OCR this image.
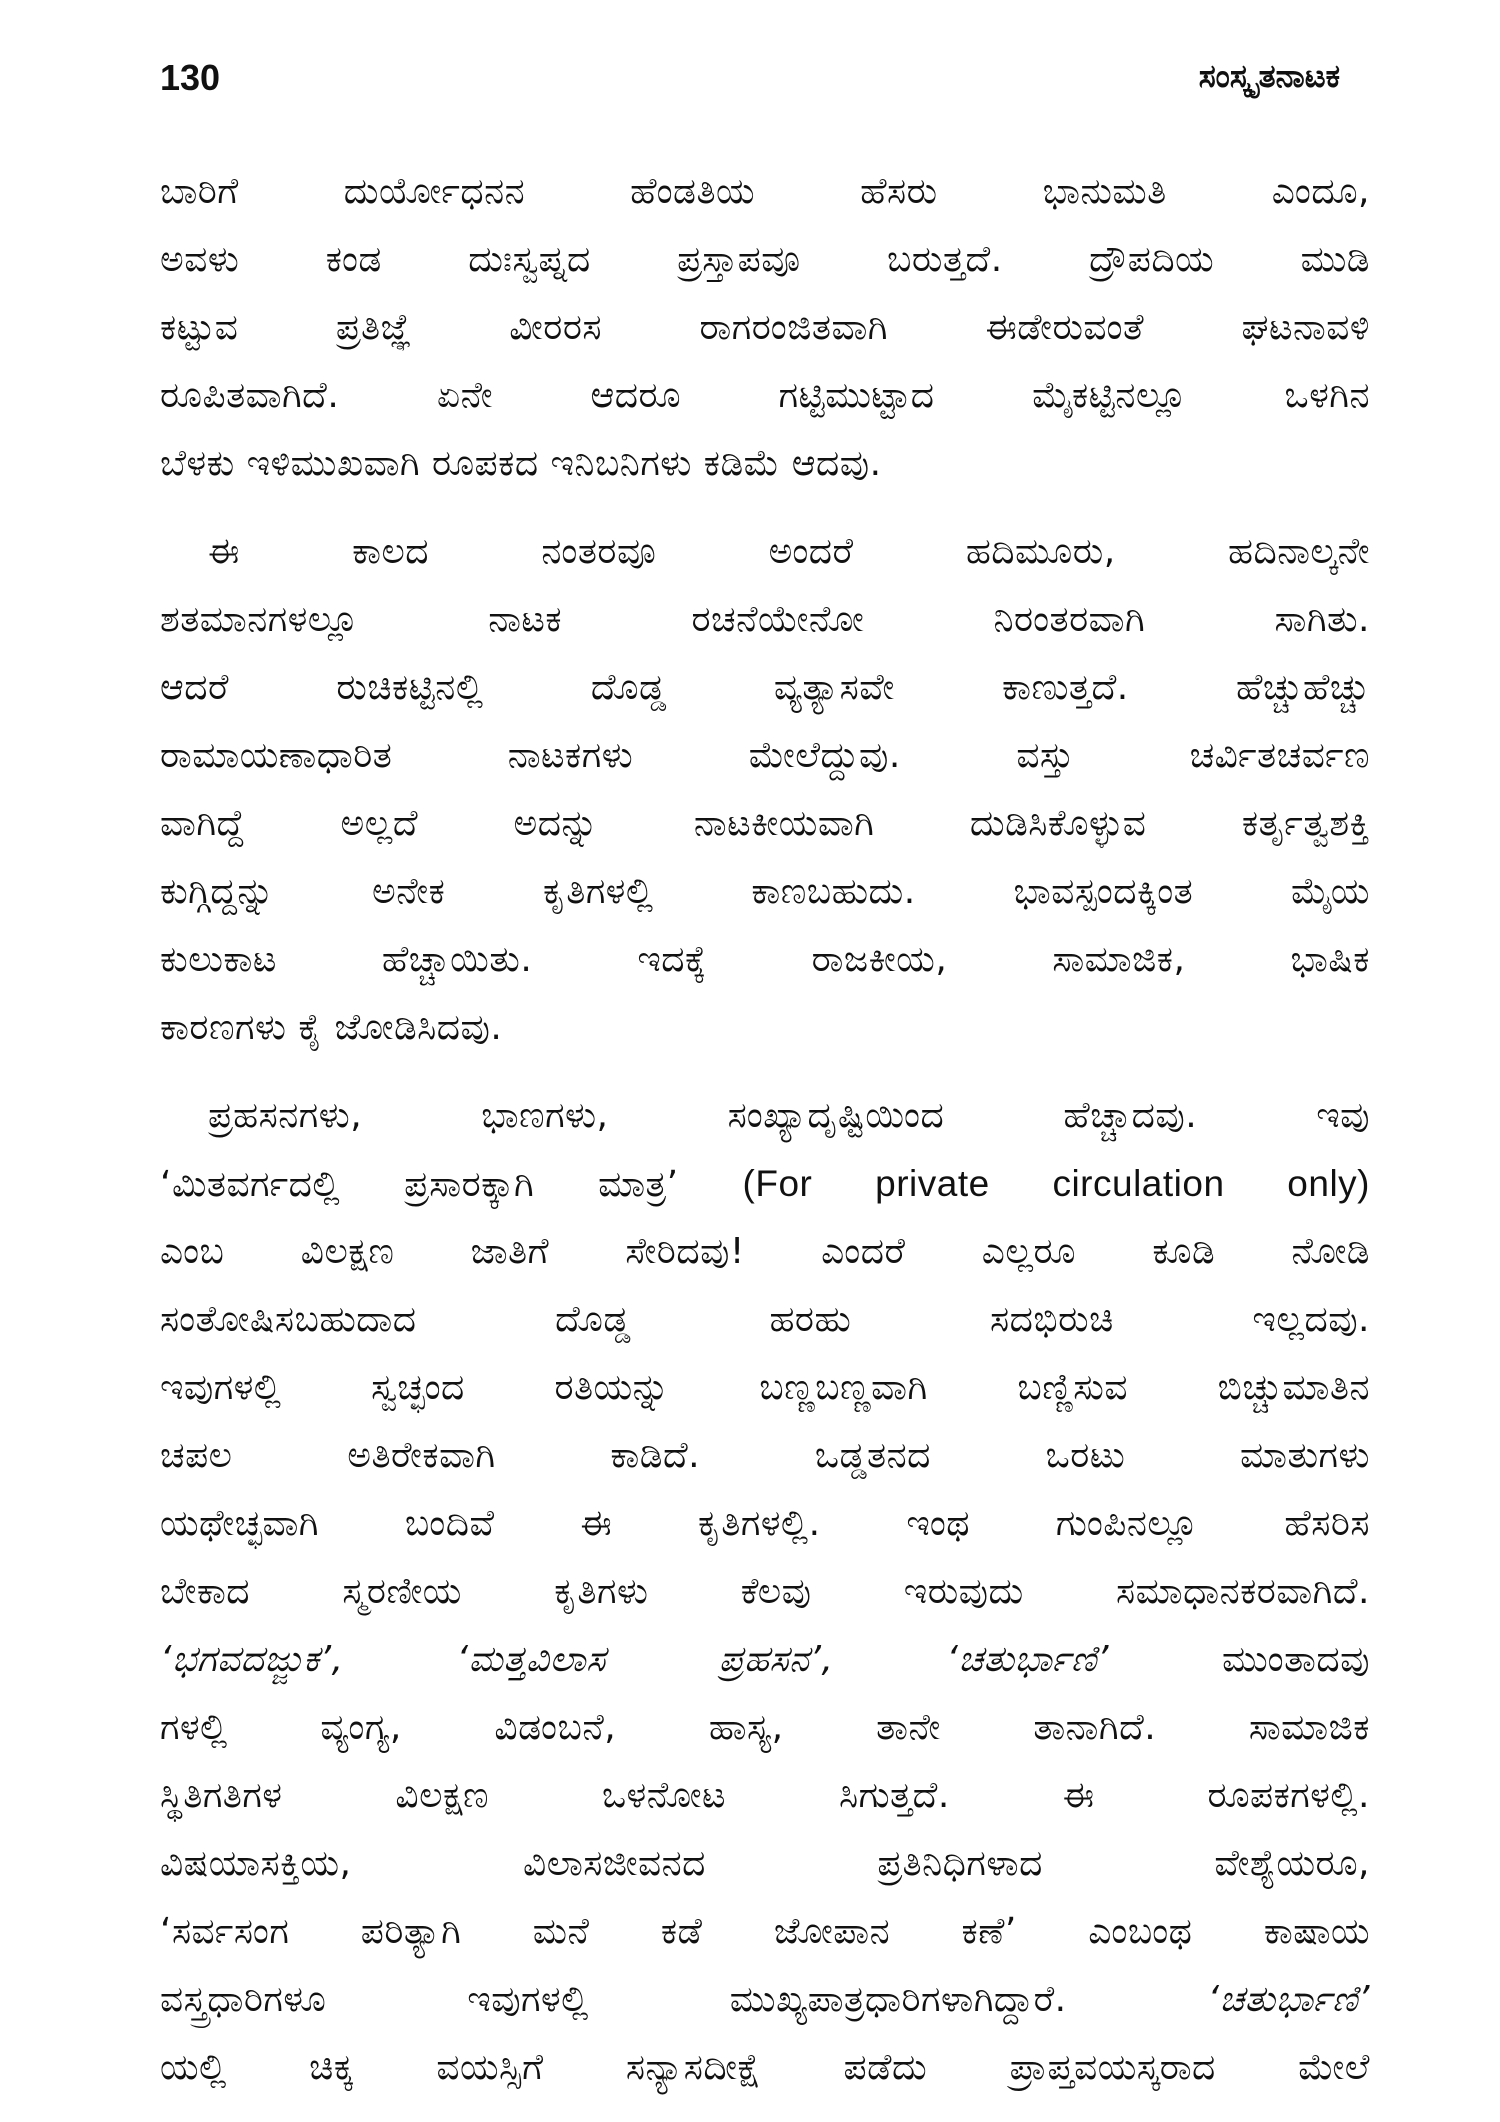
130	ಸಂಸ್ಕೃತನಾಟಕ
ಬಾರಿಗೆ ದುರ್ಯೋಧನನ ಹೆಂಡತಿಯ ಹೆಸರು ಭಾನುಮತಿ ಎಂದೂ,
ಅವಳು ಕಂಡ ದುಃಸ್ವಪ್ನದ ಪ್ರಸ್ತಾಪವೂ ಬರುತ್ತದೆ. ದ್ರೌಪದಿಯ ಮುಡಿ
ಕಟ್ಟುವ ಪ್ರತಿಜ್ಞೆ ವೀರರಸ ರಾಗರಂಜಿತವಾಗಿ ಈಡೇರುವಂತೆ ಘಟನಾವಳಿ
ರೂಪಿತವಾಗಿದೆ. ಏನೇ ಆದರೂ ಗಟ್ಟಿಮುಟ್ಟಾದ ಮೈಕಟ್ಟಿನಲ್ಲೂ ಒಳಗಿನ
ಬೆಳಕು ಇಳಿಮುಖವಾಗಿ ರೂಪಕದ ಇನಿಬನಿಗಳು ಕಡಿಮೆ ಆದವು.
ಈ ಕಾಲದ ನಂತರವೂ ಅಂದರೆ ಹದಿಮೂರು, ಹದಿನಾಲ್ಕನೇ
ಶತಮಾನಗಳಲ್ಲೂ ನಾಟಕ ರಚನೆಯೇನೋ ನಿರಂತರವಾಗಿ ಸಾಗಿತು.
ಆದರೆ ರುಚಿಕಟ್ಟಿನಲ್ಲಿ ದೊಡ್ಡ ವ್ಯತ್ಯಾಸವೇ ಕಾಣುತ್ತದೆ. ಹೆಚ್ಚುಹೆಚ್ಚು
ರಾಮಾಯಣಾಧಾರಿತ ನಾಟಕಗಳು ಮೇಲೆದ್ದುವು. ವಸ್ತು ಚರ್ವಿತಚರ್ವಣ
ವಾಗಿದ್ದೆ ಅಲ್ಲದೆ ಅದನ್ನು ನಾಟಕೀಯವಾಗಿ ದುಡಿಸಿಕೊಳ್ಳುವ ಕರ್ತೃತ್ವಶಕ್ತಿ
ಕುಗ್ಗಿದ್ದನ್ನು ಅನೇಕ ಕೃತಿಗಳಲ್ಲಿ ಕಾಣಬಹುದು. ಭಾವಸ್ಪಂದಕ್ಕಿಂತ ಮೈಯ
ಕುಲುಕಾಟ ಹೆಚ್ಚಾಯಿತು. ಇದಕ್ಕೆ ರಾಜಕೀಯ, ಸಾಮಾಜಿಕ, ಭಾಷಿಕ
ಕಾರಣಗಳು ಕೈ ಜೋಡಿಸಿದವು.
ಪ್ರಹಸನಗಳು, ಭಾಣಗಳು, ಸಂಖ್ಯಾದೃಷ್ಟಿಯಿಂದ ಹೆಚ್ಚಾದವು. ಇವು
‘ಮಿತವರ್ಗದಲ್ಲಿ ಪ್ರಸಾರಕ್ಕಾಗಿ ಮಾತ್ರ’ (For private circulation only)
ಎಂಬ ವಿಲಕ್ಷಣ ಜಾತಿಗೆ ಸೇರಿದವು! ಎಂದರೆ ಎಲ್ಲರೂ ಕೂಡಿ ನೋಡಿ
ಸಂತೋಷಿಸಬಹುದಾದ ದೊಡ್ಡ ಹರಹು ಸದಭಿರುಚಿ ಇಲ್ಲದವು.
ಇವುಗಳಲ್ಲಿ ಸ್ವಚ್ಛಂದ ರತಿಯನ್ನು ಬಣ್ಣಬಣ್ಣವಾಗಿ ಬಣ್ಣಿಸುವ ಬಿಚ್ಚುಮಾತಿನ
ಚಪಲ ಅತಿರೇಕವಾಗಿ ಕಾಡಿದೆ. ಒಡ್ಡತನದ ಒರಟು ಮಾತುಗಳು
ಯಥೇಚ್ಛವಾಗಿ ಬಂದಿವೆ ಈ ಕೃತಿಗಳಲ್ಲಿ. ಇಂಥ ಗುಂಪಿನಲ್ಲೂ ಹೆಸರಿಸ
ಬೇಕಾದ ಸ್ಮರಣೀಯ ಕೃತಿಗಳು ಕೆಲವು ಇರುವುದು ಸಮಾಧಾನಕರವಾಗಿದೆ.
‘ಭಗವದಜ್ಜುಕ’, ‘ಮತ್ತವಿಲಾಸ ಪ್ರಹಸನ’, ‘ಚತುರ್ಭಾಣಿ’	ಮುಂತಾದವು
ಗಳಲ್ಲಿ ವ್ಯಂಗ್ಯ, ವಿಡಂಬನೆ, ಹಾಸ್ಯ, ತಾನೇ ತಾನಾಗಿದೆ. ಸಾಮಾಜಿಕ
ಸ್ಥಿತಿಗತಿಗಳ ವಿಲಕ್ಷಣ ಒಳನೋಟ ಸಿಗುತ್ತದೆ. ಈ ರೂಪಕಗಳಲ್ಲಿ.
ವಿಷಯಾಸಕ್ತಿಯ, ವಿಲಾಸಜೀವನದ ಪ್ರತಿನಿಧಿಗಳಾದ ವೇಶ್ಯೆಯರೂ,
‘ಸರ್ವಸಂಗ ಪರಿತ್ಯಾಗಿ ಮನೆ ಕಡೆ ಜೋಪಾನ ಕಣೆ’ ಎಂಬಂಥ ಕಾಷಾಯ
ವಸ್ತ್ರಧಾರಿಗಳೂ ಇವುಗಳಲ್ಲಿ ಮುಖ್ಯಪಾತ್ರಧಾರಿಗಳಾಗಿದ್ದಾರೆ.	‘ಚತುರ್ಭಾಣಿ’
ಯಲ್ಲಿ ಚಿಕ್ಕ ವಯಸ್ಸಿಗೆ ಸನ್ಯಾಸದೀಕ್ಷೆ ಪಡೆದು ಪ್ರಾಪ್ತವಯಸ್ಕರಾದ ಮೇಲೆ
